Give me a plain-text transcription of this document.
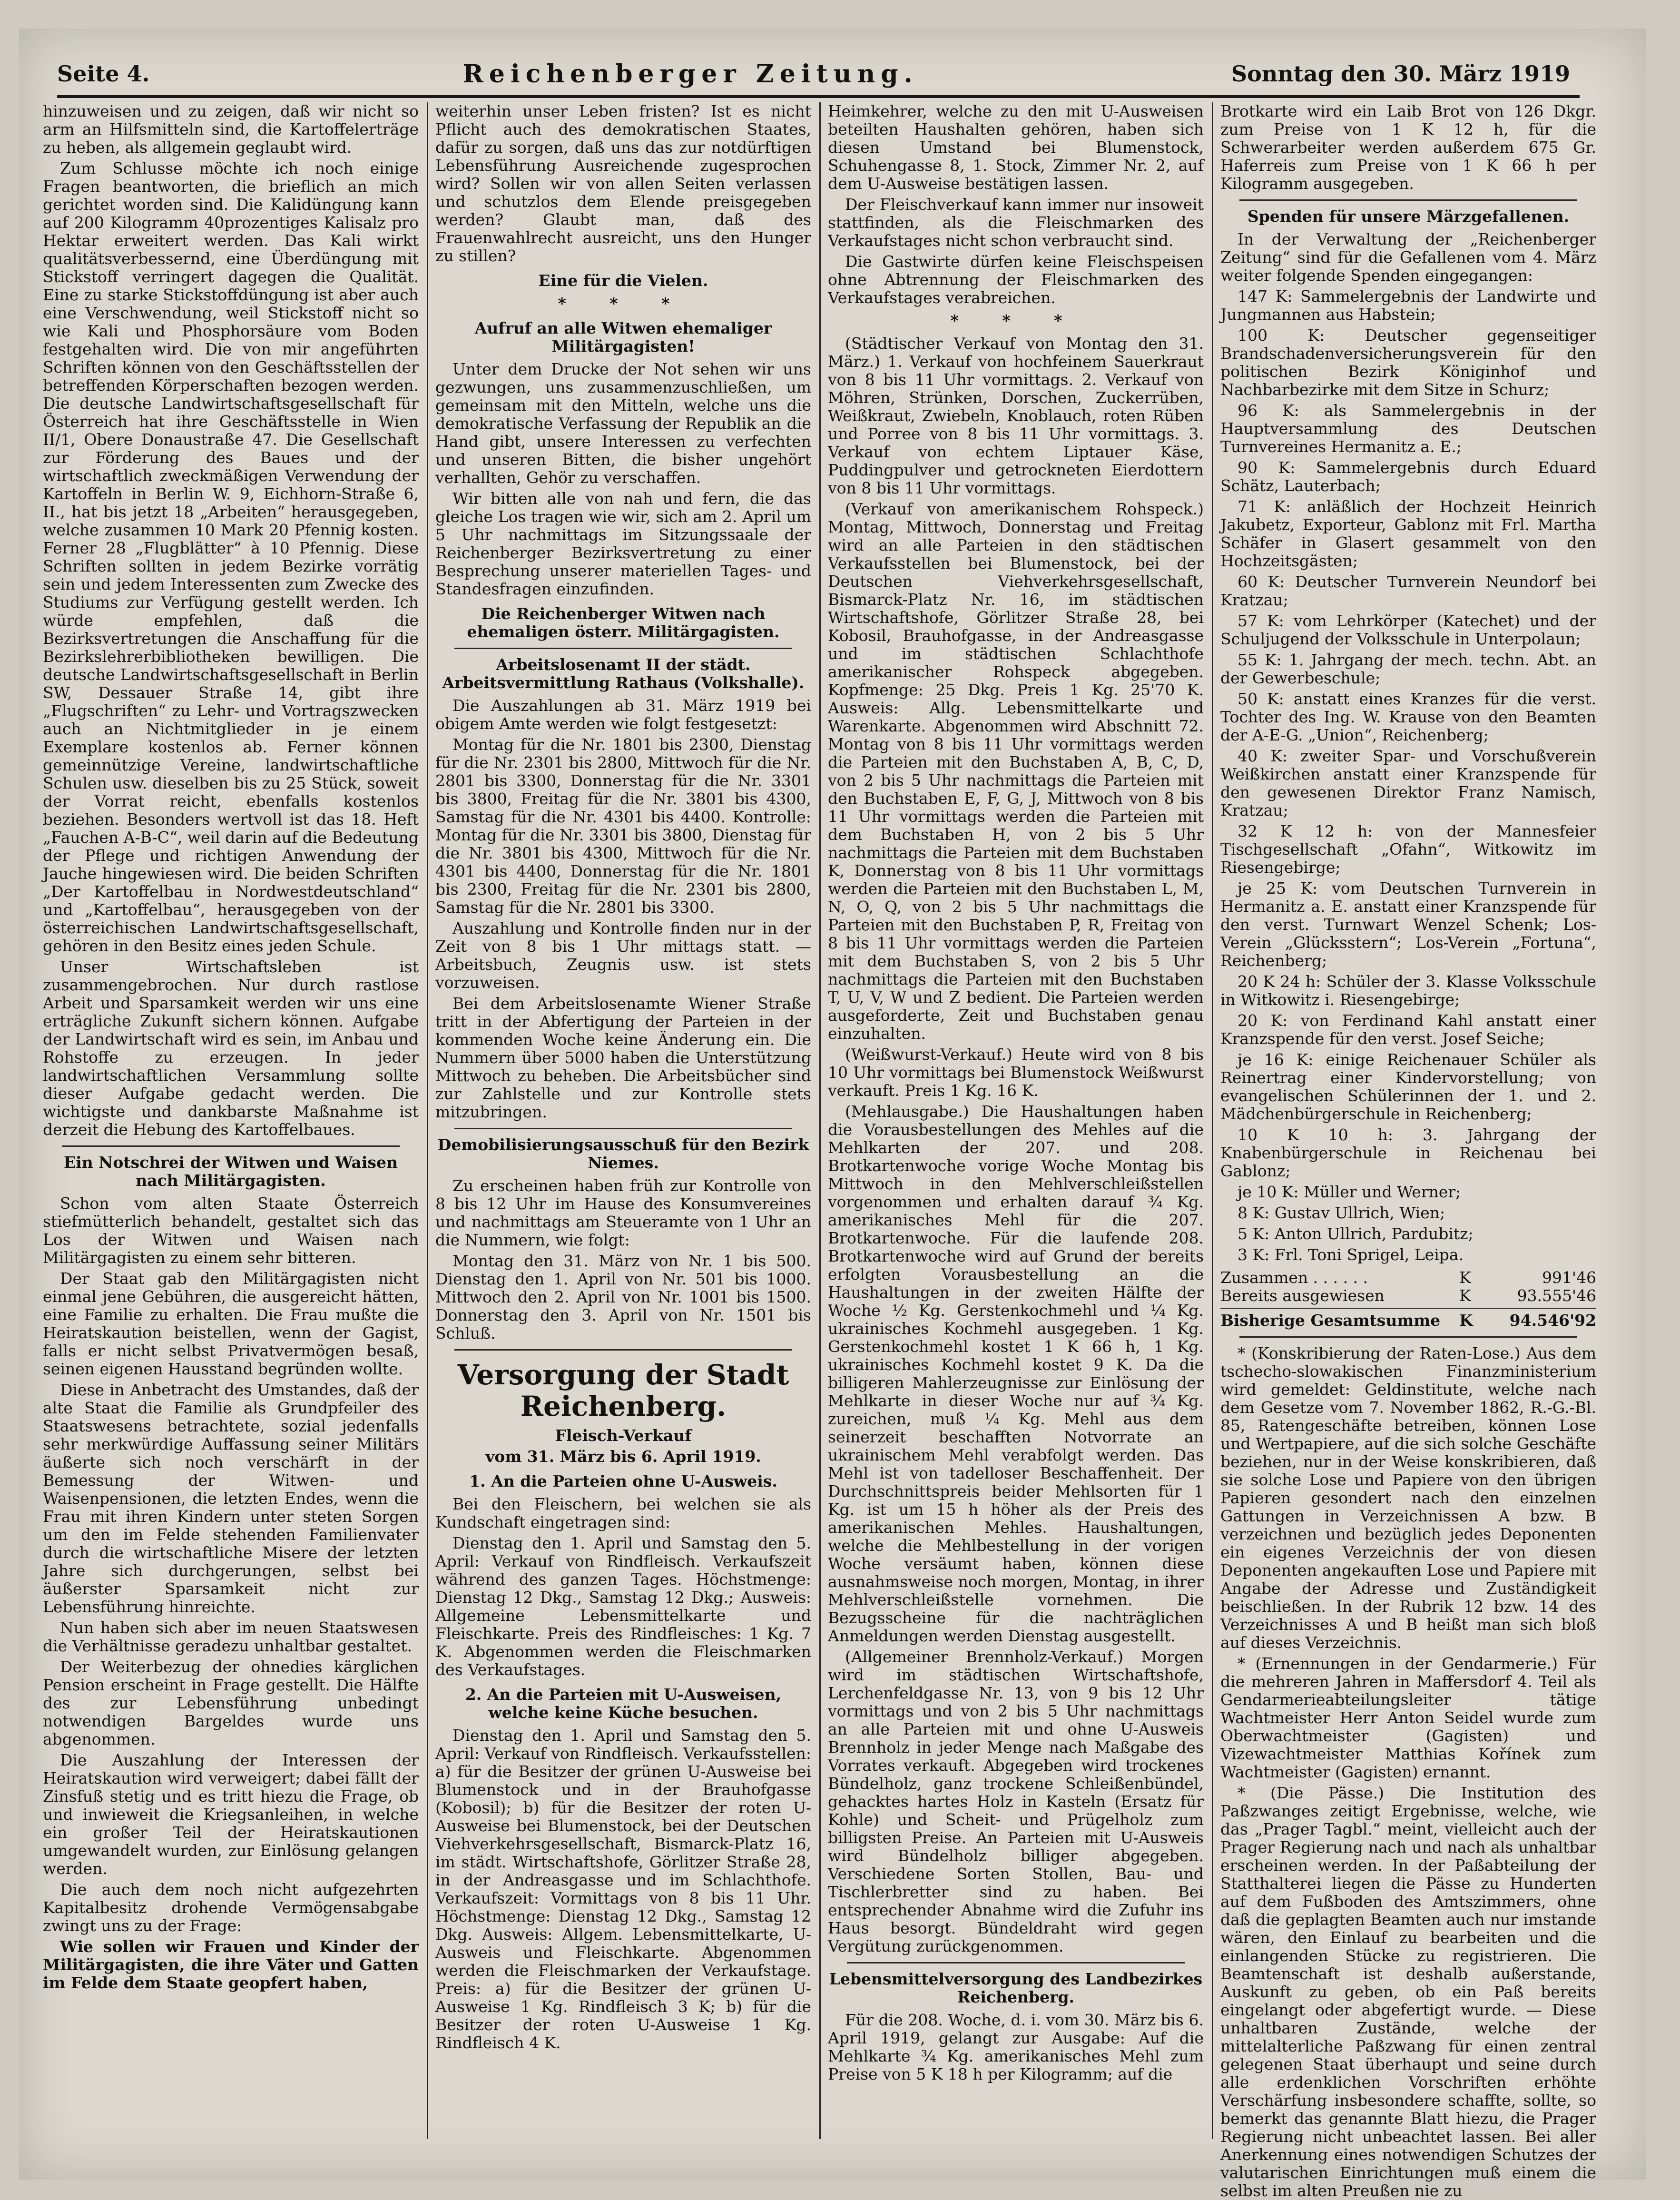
Seite 4.	Reichenberger Zeitung.	Sonntag den 30. März 1919

hinzuweisen und zu zeigen, daß wir nicht so arm an Hilfsmitteln sind, die Kartoffelerträge zu heben, als allgemein geglaubt wird.

Zum Schlusse möchte ich noch einige Fragen beantworten, die brieflich an mich gerichtet worden sind. Die Kalidüngung kann auf 200 Kilogramm 40prozentiges Kalisalz pro Hektar erweitert werden. Das Kali wirkt qualitätsverbessernd, eine Überdüngung mit Stickstoff verringert dagegen die Qualität. Eine zu starke Stickstoffdüngung ist aber auch eine Verschwendung, weil Stickstoff nicht so wie Kali und Phosphorsäure vom Boden festgehalten wird. Die von mir angeführten Schriften können von den Geschäftsstellen der betreffenden Körperschaften bezogen werden. Die deutsche Landwirtschaftsgesellschaft für Österreich hat ihre Geschäftsstelle in Wien II/1, Obere Donaustraße 47. Die Gesellschaft zur Förderung des Baues und der wirtschaftlich zweckmäßigen Verwendung der Kartoffeln in Berlin W. 9, Eichhorn-Straße 6, II., hat bis jetzt 18 „Arbeiten“ herausgegeben, welche zusammen 10 Mark 20 Pfennig kosten. Ferner 28 „Flugblätter“ à 10 Pfennig. Diese Schriften sollten in jedem Bezirke vorrätig sein und jedem Interessenten zum Zwecke des Studiums zur Verfügung gestellt werden. Ich würde empfehlen, daß die Bezirksvertretungen die Anschaffung für die Bezirkslehrerbibliotheken bewilligen. Die deutsche Landwirtschaftsgesellschaft in Berlin SW, Dessauer Straße 14, gibt ihre „Flugschriften“ zu Lehr- und Vortragszwecken auch an Nichtmitglieder in je einem Exemplare kostenlos ab. Ferner können gemeinnützige Vereine, landwirtschaftliche Schulen usw. dieselben bis zu 25 Stück, soweit der Vorrat reicht, ebenfalls kostenlos beziehen. Besonders wertvoll ist das 18. Heft „Fauchen A-B-C“, weil darin auf die Bedeutung der Pflege und richtigen Anwendung der Jauche hingewiesen wird. Die beiden Schriften „Der Kartoffelbau in Nordwestdeutschland“ und „Kartoffelbau“, herausgegeben von der österreichischen Landwirtschaftsgesellschaft, gehören in den Besitz eines jeden Schule.

Unser Wirtschaftsleben ist zusammengebrochen. Nur durch rastlose Arbeit und Sparsamkeit werden wir uns eine erträgliche Zukunft sichern können. Aufgabe der Landwirtschaft wird es sein, im Anbau und Rohstoffe zu erzeugen. In jeder landwirtschaftlichen Versammlung sollte dieser Aufgabe gedacht werden. Die wichtigste und dankbarste Maßnahme ist derzeit die Hebung des Kartoffelbaues.

Ein Notschrei der Witwen und Waisen nach Militärgagisten.

Schon vom alten Staate Österreich stiefmütterlich behandelt, gestaltet sich das Los der Witwen und Waisen nach Militärgagisten zu einem sehr bitteren.

Der Staat gab den Militärgagisten nicht einmal jene Gebühren, die ausgereicht hätten, eine Familie zu erhalten. Die Frau mußte die Heiratskaution beistellen, wenn der Gagist, falls er nicht selbst Privatvermögen besaß, seinen eigenen Hausstand begründen wollte.

Diese in Anbetracht des Umstandes, daß der alte Staat die Familie als Grundpfeiler des Staatswesens betrachtete, sozial jedenfalls sehr merkwürdige Auffassung seiner Militärs äußerte sich noch verschärft in der Bemessung der Witwen- und Waisenpensionen, die letzten Endes, wenn die Frau mit ihren Kindern unter steten Sorgen um den im Felde stehenden Familienvater durch die wirtschaftliche Misere der letzten Jahre sich durchgerungen, selbst bei äußerster Sparsamkeit nicht zur Lebensführung hinreichte.

Nun haben sich aber im neuen Staatswesen die Verhältnisse geradezu unhaltbar gestaltet.

Der Weiterbezug der ohnedies kärglichen Pension erscheint in Frage gestellt. Die Hälfte des zur Lebensführung unbedingt notwendigen Bargeldes wurde uns abgenommen.

Die Auszahlung der Interessen der Heiratskaution wird verweigert; dabei fällt der Zinsfuß stetig und es tritt hiezu die Frage, ob und inwieweit die Kriegsanleihen, in welche ein großer Teil der Heiratskautionen umgewandelt wurden, zur Einlösung gelangen werden.

Die auch dem noch nicht aufgezehrten Kapitalbesitz drohende Vermögensabgabe zwingt uns zu der Frage:

Wie sollen wir Frauen und Kinder der Militärgagisten, die ihre Väter und Gatten im Felde dem Staate geopfert haben,

weiterhin unser Leben fristen? Ist es nicht Pflicht auch des demokratischen Staates, dafür zu sorgen, daß uns das zur notdürftigen Lebensführung Ausreichende zugesprochen wird? Sollen wir von allen Seiten verlassen und schutzlos dem Elende preisgegeben werden? Glaubt man, daß des Frauenwahlrecht ausreicht, uns den Hunger zu stillen?

Eine für die Vielen.
* * *
Aufruf an alle Witwen ehemaliger Militärgagisten!

Unter dem Drucke der Not sehen wir uns gezwungen, uns zusammenzuschließen, um gemeinsam mit den Mitteln, welche uns die demokratische Verfassung der Republik an die Hand gibt, unsere Interessen zu verfechten und unseren Bitten, die bisher ungehört verhallten, Gehör zu verschaffen.

Wir bitten alle von nah und fern, die das gleiche Los tragen wie wir, sich am 2. April um 5 Uhr nachmittags im Sitzungssaale der Reichenberger Bezirksvertretung zu einer Besprechung unserer materiellen Tages- und Standesfragen einzufinden.

Die Reichenberger Witwen nach ehemaligen österr. Militärgagisten.
Arbeitslosenamt II der städt. Arbeitsvermittlung Rathaus (Volkshalle).

Die Auszahlungen ab 31. März 1919 bei obigem Amte werden wie folgt festgesetzt:

Montag für die Nr. 1801 bis 2300, Dienstag für die Nr. 2301 bis 2800, Mittwoch für die Nr. 2801 bis 3300, Donnerstag für die Nr. 3301 bis 3800, Freitag für die Nr. 3801 bis 4300, Samstag für die Nr. 4301 bis 4400. Kontrolle: Montag für die Nr. 3301 bis 3800, Dienstag für die Nr. 3801 bis 4300, Mittwoch für die Nr. 4301 bis 4400, Donnerstag für die Nr. 1801 bis 2300, Freitag für die Nr. 2301 bis 2800, Samstag für die Nr. 2801 bis 3300.

Auszahlung und Kontrolle finden nur in der Zeit von 8 bis 1 Uhr mittags statt. — Arbeitsbuch, Zeugnis usw. ist stets vorzuweisen.

Bei dem Arbeitslosenamte Wiener Straße tritt in der Abfertigung der Parteien in der kommenden Woche keine Änderung ein. Die Nummern über 5000 haben die Unterstützung Mittwoch zu beheben. Die Arbeitsbücher sind zur Zahlstelle und zur Kontrolle stets mitzubringen.

Demobilisierungsausschuß für den Bezirk Niemes.

Zu erscheinen haben früh zur Kontrolle von 8 bis 12 Uhr im Hause des Konsumvereines und nachmittags am Steueramte von 1 Uhr an die Nummern, wie folgt:

Montag den 31. März von Nr. 1 bis 500. Dienstag den 1. April von Nr. 501 bis 1000. Mittwoch den 2. April von Nr. 1001 bis 1500. Donnerstag den 3. April von Nr. 1501 bis Schluß.

Versorgung der Stadt Reichenberg.
Fleisch-Verkauf
vom 31. März bis 6. April 1919.
1. An die Parteien ohne U-Ausweis.

Bei den Fleischern, bei welchen sie als Kundschaft eingetragen sind:

Dienstag den 1. April und Samstag den 5. April: Verkauf von Rindfleisch. Verkaufszeit während des ganzen Tages. Höchstmenge: Dienstag 12 Dkg., Samstag 12 Dkg.; Ausweis: Allgemeine Lebensmittelkarte und Fleischkarte. Preis des Rindfleisches: 1 Kg. 7 K. Abgenommen werden die Fleischmarken des Verkaufstages.

2. An die Parteien mit U-Ausweisen, welche keine Küche besuchen.

Dienstag den 1. April und Samstag den 5. April: Verkauf von Rindfleisch. Verkaufsstellen: a) für die Besitzer der grünen U-Ausweise bei Blumenstock und in der Brauhofgasse (Kobosil); b) für die Besitzer der roten U-Ausweise bei Blumenstock, bei der Deutschen Viehverkehrsgesellschaft, Bismarck-Platz 16, im städt. Wirtschaftshofe, Görlitzer Straße 28, in der Andreasgasse und im Schlachthofe. Verkaufszeit: Vormittags von 8 bis 11 Uhr. Höchstmenge: Dienstag 12 Dkg., Samstag 12 Dkg. Ausweis: Allgem. Lebensmittelkarte, U-Ausweis und Fleischkarte. Abgenommen werden die Fleischmarken der Verkaufstage. Preis: a) für die Besitzer der grünen U-Ausweise 1 Kg. Rindfleisch 3 K; b) für die Besitzer der roten U-Ausweise 1 Kg. Rindfleisch 4 K.

Heimkehrer, welche zu den mit U-Ausweisen beteilten Haushalten gehören, haben sich diesen Umstand bei Blumenstock, Schuhengasse 8, 1. Stock, Zimmer Nr. 2, auf dem U-Ausweise bestätigen lassen.

Der Fleischverkauf kann immer nur insoweit stattfinden, als die Fleischmarken des Verkaufstages nicht schon verbraucht sind.

Die Gastwirte dürfen keine Fleischspeisen ohne Abtrennung der Fleischmarken des Verkaufstages verabreichen.

* * *

(Städtischer Verkauf von Montag den 31. März.) 1. Verkauf von hochfeinem Sauerkraut von 8 bis 11 Uhr vormittags. 2. Verkauf von Möhren, Strünken, Dorschen, Zuckerrüben, Weißkraut, Zwiebeln, Knoblauch, roten Rüben und Porree von 8 bis 11 Uhr vormittags. 3. Verkauf von echtem Liptauer Käse, Puddingpulver und getrockneten Eierdottern von 8 bis 11 Uhr vormittags.

(Verkauf von amerikanischem Rohspeck.) Montag, Mittwoch, Donnerstag und Freitag wird an alle Parteien in den städtischen Verkaufsstellen bei Blumenstock, bei der Deutschen Viehverkehrsgesellschaft, Bismarck-Platz Nr. 16, im städtischen Wirtschaftshofe, Görlitzer Straße 28, bei Kobosil, Brauhofgasse, in der Andreasgasse und im städtischen Schlachthofe amerikanischer Rohspeck abgegeben. Kopfmenge: 25 Dkg. Preis 1 Kg. 25'70 K. Ausweis: Allg. Lebensmittelkarte und Warenkarte. Abgenommen wird Abschnitt 72. Montag von 8 bis 11 Uhr vormittags werden die Parteien mit den Buchstaben A, B, C, D, von 2 bis 5 Uhr nachmittags die Parteien mit den Buchstaben E, F, G, J, Mittwoch von 8 bis 11 Uhr vormittags werden die Parteien mit dem Buchstaben H, von 2 bis 5 Uhr nachmittags die Parteien mit dem Buchstaben K, Donnerstag von 8 bis 11 Uhr vormittags werden die Parteien mit den Buchstaben L, M, N, O, Q, von 2 bis 5 Uhr nachmittags die Parteien mit den Buchstaben P, R, Freitag von 8 bis 11 Uhr vormittags werden die Parteien mit dem Buchstaben S, von 2 bis 5 Uhr nachmittags die Parteien mit den Buchstaben T, U, V, W und Z bedient. Die Parteien werden ausgeforderte, Zeit und Buchstaben genau einzuhalten.

(Weißwurst-Verkauf.) Heute wird von 8 bis 10 Uhr vormittags bei Blumenstock Weißwurst verkauft. Preis 1 Kg. 16 K.

(Mehlausgabe.) Die Haushaltungen haben die Vorausbestellungen des Mehles auf die Mehlkarten der 207. und 208. Brotkartenwoche vorige Woche Montag bis Mittwoch in den Mehlverschleißstellen vorgenommen und erhalten darauf ¾ Kg. amerikanisches Mehl für die 207. Brotkartenwoche. Für die laufende 208. Brotkartenwoche wird auf Grund der bereits erfolgten Vorausbestellung an die Haushaltungen in der zweiten Hälfte der Woche ½ Kg. Gerstenkochmehl und ¼ Kg. ukrainisches Kochmehl ausgegeben. 1 Kg. Gerstenkochmehl kostet 1 K 66 h, 1 Kg. ukrainisches Kochmehl kostet 9 K. Da die billigeren Mahlerzeugnisse zur Einlösung der Mehlkarte in dieser Woche nur auf ¾ Kg. zureichen, muß ¼ Kg. Mehl aus dem seinerzeit beschafften Notvorrate an ukrainischem Mehl verabfolgt werden. Das Mehl ist von tadelloser Beschaffenheit. Der Durchschnittspreis beider Mehlsorten für 1 Kg. ist um 15 h höher als der Preis des amerikanischen Mehles. Haushaltungen, welche die Mehlbestellung in der vorigen Woche versäumt haben, können diese ausnahmsweise noch morgen, Montag, in ihrer Mehlverschleißstelle vornehmen. Die Bezugsscheine für die nachträglichen Anmeldungen werden Dienstag ausgestellt.

(Allgemeiner Brennholz-Verkauf.) Morgen wird im städtischen Wirtschaftshofe, Lerchenfeldgasse Nr. 13, von 9 bis 12 Uhr vormittags und von 2 bis 5 Uhr nachmittags an alle Parteien mit und ohne U-Ausweis Brennholz in jeder Menge nach Maßgabe des Vorrates verkauft. Abgegeben wird trockenes Bündelholz, ganz trockene Schleißenbündel, gehacktes hartes Holz in Kasteln (Ersatz für Kohle) und Scheit- und Prügelholz zum billigsten Preise. An Parteien mit U-Ausweis wird Bündelholz billiger abgegeben. Verschiedene Sorten Stollen, Bau- und Tischlerbretter sind zu haben. Bei entsprechender Abnahme wird die Zufuhr ins Haus besorgt. Bündeldraht wird gegen Vergütung zurückgenommen.

Lebensmittelversorgung des Landbezirkes Reichenberg.

Für die 208. Woche, d. i. vom 30. März bis 6. April 1919, gelangt zur Ausgabe: Auf die Mehlkarte ¾ Kg. amerikanisches Mehl zum Preise von 5 K 18 h per Kilogramm; auf die

Brotkarte wird ein Laib Brot von 126 Dkgr. zum Preise von 1 K 12 h, für die Schwerarbeiter werden außerdem 675 Gr. Haferreis zum Preise von 1 K 66 h per Kilogramm ausgegeben.

Spenden für unsere Märzgefallenen.

In der Verwaltung der „Reichenberger Zeitung“ sind für die Gefallenen vom 4. März weiter folgende Spenden eingegangen:

147 K: Sammelergebnis der Landwirte und Jungmannen aus Habstein;

100 K: Deutscher gegenseitiger Brandschadenversicherungsverein für den politischen Bezirk Königinhof und Nachbarbezirke mit dem Sitze in Schurz;

96 K: als Sammelergebnis in der Hauptversammlung des Deutschen Turnvereines Hermanitz a. E.;

90 K: Sammelergebnis durch Eduard Schätz, Lauterbach;

71 K: anläßlich der Hochzeit Heinrich Jakubetz, Exporteur, Gablonz mit Frl. Martha Schäfer in Glasert gesammelt von den Hochzeitsgästen;

60 K: Deutscher Turnverein Neundorf bei Kratzau;

57 K: vom Lehrkörper (Katechet) und der Schuljugend der Volksschule in Unterpolaun;

55 K: 1. Jahrgang der mech. techn. Abt. an der Gewerbeschule;

50 K: anstatt eines Kranzes für die verst. Tochter des Ing. W. Krause von den Beamten der A-E-G. „Union“, Reichenberg;

40 K: zweiter Spar- und Vorschußverein Weißkirchen anstatt einer Kranzspende für den gewesenen Direktor Franz Namisch, Kratzau;

32 K 12 h: von der Mannesfeier Tischgesellschaft „Ofahn“, Witkowitz im Riesengebirge;

je 25 K: vom Deutschen Turnverein in Hermanitz a. E. anstatt einer Kranzspende für den verst. Turnwart Wenzel Schenk; Los-Verein „Glücksstern“; Los-Verein „Fortuna“, Reichenberg;

20 K 24 h: Schüler der 3. Klasse Volksschule in Witkowitz i. Riesengebirge;

20 K: von Ferdinand Kahl anstatt einer Kranzspende für den verst. Josef Seiche;

je 16 K: einige Reichenauer Schüler als Reinertrag einer Kindervorstellung; von evangelischen Schülerinnen der 1. und 2. Mädchenbürgerschule in Reichenberg;

10 K 10 h: 3. Jahrgang der Knabenbürgerschule in Reichenau bei Gablonz;

je 10 K: Müller und Werner;

8 K: Gustav Ullrich, Wien;

5 K: Anton Ullrich, Pardubitz;

3 K: Frl. Toni Sprigel, Leipa.

Zusammen . . . . . .	K	991'46
Bereits ausgewiesen	K	93.555'46
Bisherige Gesamtsumme	K	94.546'92

* (Konskribierung der Raten-Lose.) Aus dem tschecho-slowakischen Finanzministerium wird gemeldet: Geldinstitute, welche nach dem Gesetze vom 7. November 1862, R.-G.-Bl. 85, Ratengeschäfte betreiben, können Lose und Wertpapiere, auf die sich solche Geschäfte beziehen, nur in der Weise konskribieren, daß sie solche Lose und Papiere von den übrigen Papieren gesondert nach den einzelnen Gattungen in Verzeichnissen A bzw. B verzeichnen und bezüglich jedes Deponenten ein eigenes Verzeichnis der von diesen Deponenten angekauften Lose und Papiere mit Angabe der Adresse und Zuständigkeit beischließen. In der Rubrik 12 bzw. 14 des Verzeichnisses A und B heißt man sich bloß auf dieses Verzeichnis.

* (Ernennungen in der Gendarmerie.) Für die mehreren Jahren in Maffersdorf 4. Teil als Gendarmerieabteilungsleiter tätige Wachtmeister Herr Anton Seidel wurde zum Oberwachtmeister (Gagisten) und Vizewachtmeister Matthias Kořínek zum Wachtmeister (Gagisten) ernannt.

* (Die Pässe.) Die Institution des Paßzwanges zeitigt Ergebnisse, welche, wie das „Prager Tagbl.“ meint, vielleicht auch der Prager Regierung nach und nach als unhaltbar erscheinen werden. In der Paßabteilung der Statthalterei liegen die Pässe zu Hunderten auf dem Fußboden des Amtszimmers, ohne daß die geplagten Beamten auch nur imstande wären, den Einlauf zu bearbeiten und die einlangenden Stücke zu registrieren. Die Beamtenschaft ist deshalb außerstande, Auskunft zu geben, ob ein Paß bereits eingelangt oder abgefertigt wurde. — Diese unhaltbaren Zustände, welche der mittelalterliche Paßzwang für einen zentral gelegenen Staat überhaupt und seine durch alle erdenklichen Vorschriften erhöhte Verschärfung insbesondere schaffte, sollte, so bemerkt das genannte Blatt hiezu, die Prager Regierung nicht unbeachtet lassen. Bei aller Anerkennung eines notwendigen Schutzes der valutarischen Einrichtungen muß einem die selbst im alten Preußen nie zu
